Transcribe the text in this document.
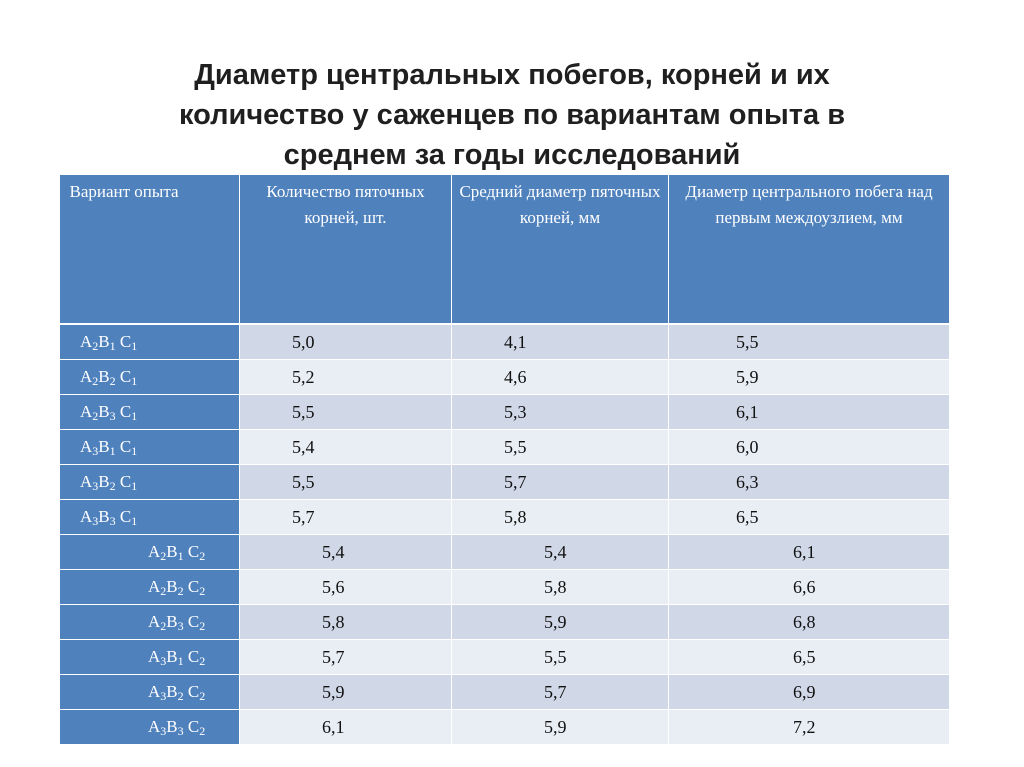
Диаметр центральных побегов, корней и их
количество у саженцев по вариантам опыта в
среднем за годы исследований
Вариант опыта	Количество пяточных корней, шт.	Средний диаметр пяточных корней, мм	Диаметр центрального побега над первым междоузлием, мм
$A_2B_1$ $C_1$	5,0	4,1	5,5
$A_2B_2$ $C_1$	5,2	4,6	5,9
$A_2B_3$ $C_1$	5,5	5,3	6,1
$A_3B_1$ $C_1$	5,4	5,5	6,0
$A_3B_2$ $C_1$	5,5	5,7	6,3
$A_3B_3$ $C_1$	5,7	5,8	6,5
$A_2B_1$ $C_2$	5,4	5,4	6,1
$A_2B_2$ $C_2$	5,6	5,8	6,6
$A_2B_3$ $C_2$	5,8	5,9	6,8
$A_3B_1$ $C_2$	5,7	5,5	6,5
$A_3B_2$ $C_2$	5,9	5,7	6,9
$A_3B_3$ $C_2$	6,1	5,9	7,2
